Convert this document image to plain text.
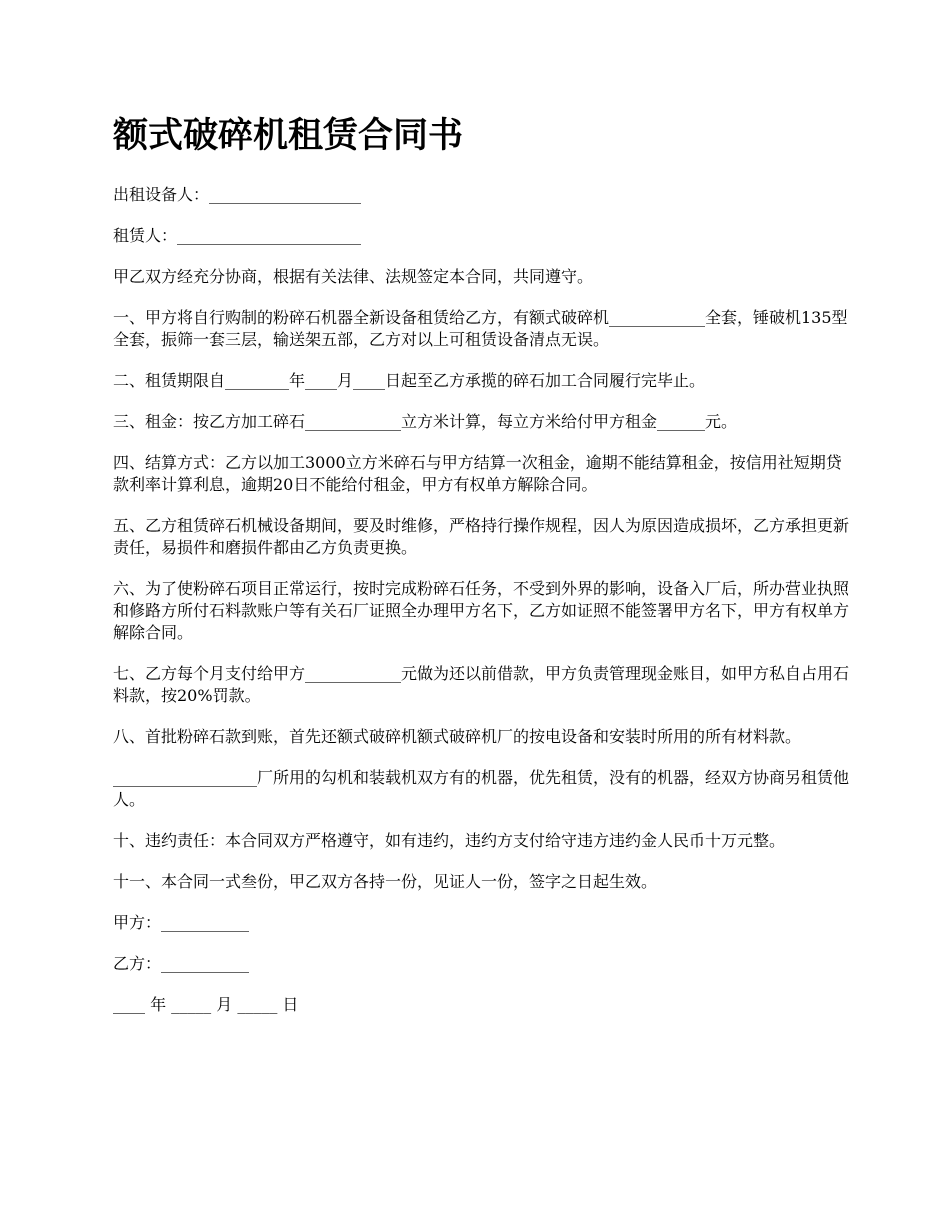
额式破碎机租赁合同书

出租设备人：___________________

租赁人：_______________________

甲乙双方经充分协商，根据有关法律、法规签定本合同，共同遵守。

一、甲方将自行购制的粉碎石机器全新设备租赁给乙方，有额式破碎机____________全套，锤破机135型全套，振筛一套三层，输送架五部，乙方对以上可租赁设备清点无误。

二、租赁期限自________年____月____日起至乙方承揽的碎石加工合同履行完毕止。

三、租金：按乙方加工碎石____________立方米计算，每立方米给付甲方租金______元。

四、结算方式：乙方以加工3000立方米碎石与甲方结算一次租金，逾期不能结算租金，按信用社短期贷款利率计算利息，逾期20日不能给付租金，甲方有权单方解除合同。

五、乙方租赁碎石机械设备期间，要及时维修，严格持行操作规程，因人为原因造成损坏，乙方承担更新责任，易损件和磨损件都由乙方负责更换。

六、为了使粉碎石项目正常运行，按时完成粉碎石任务，不受到外界的影响，设备入厂后，所办营业执照和修路方所付石料款账户等有关石厂证照全办理甲方名下，乙方如证照不能签署甲方名下，甲方有权单方解除合同。

七、乙方每个月支付给甲方____________元做为还以前借款，甲方负责管理现金账目，如甲方私自占用石料款，按20%罚款。

八、首批粉碎石款到账，首先还额式破碎机额式破碎机厂的按电设备和安装时所用的所有材料款。

__________________厂所用的勾机和装载机双方有的机器，优先租赁，没有的机器，经双方协商另租赁他人。

十、违约责任：本合同双方严格遵守，如有违约，违约方支付给守违方违约金人民币十万元整。

十一、本合同一式叁份，甲乙双方各持一份，见证人一份，签字之日起生效。

甲方：___________

乙方：___________

____ 年 _____ 月 _____ 日
